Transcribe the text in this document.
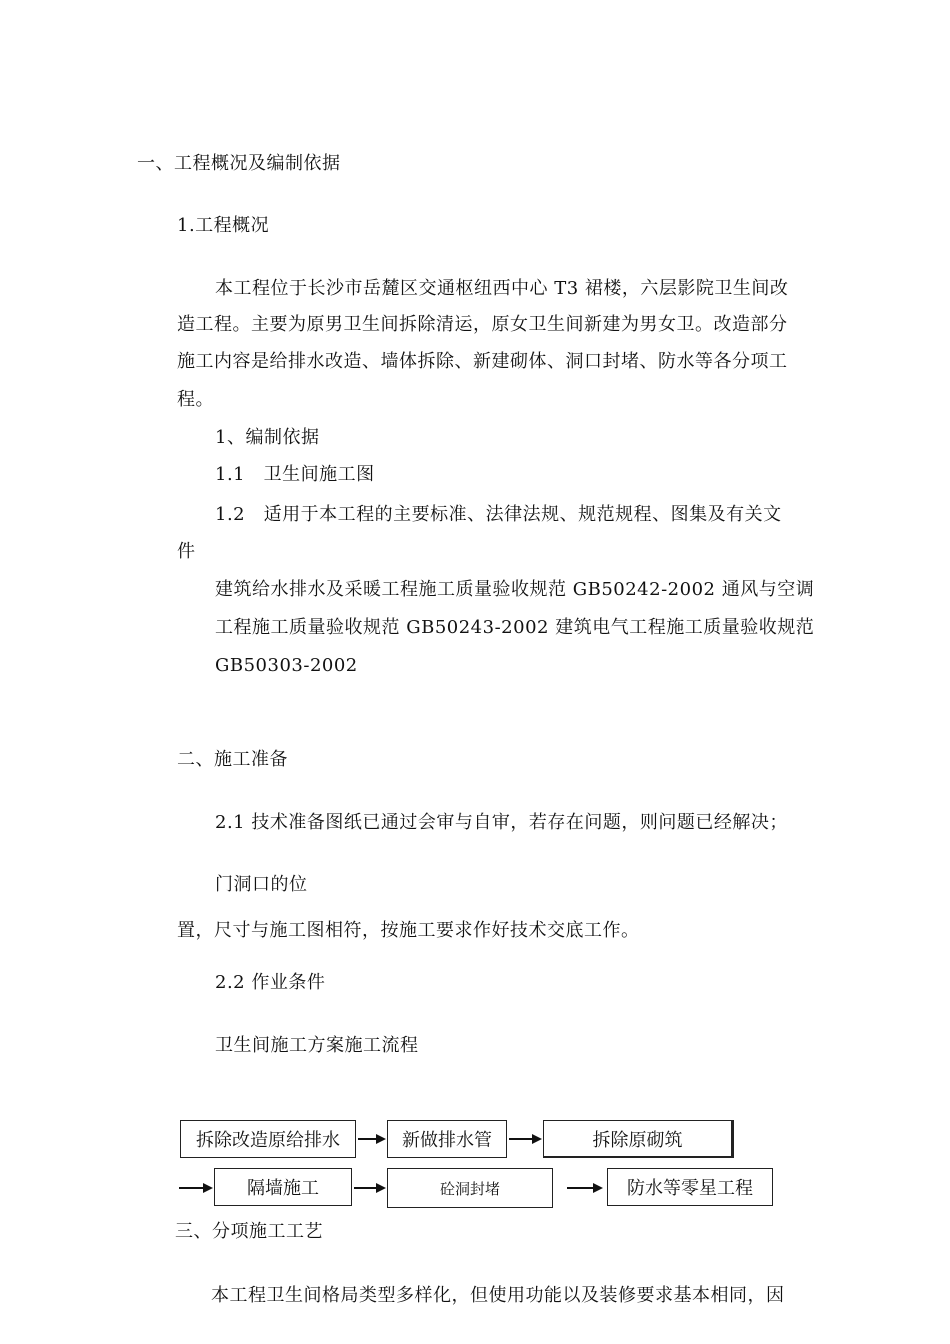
一、工程概况及编制依据
1.工程概况
本工程位于长沙市岳麓区交通枢纽西中心 T3 裙楼，六层影院卫生间改
造工程。主要为原男卫生间拆除清运，原女卫生间新建为男女卫。改造部分
施工内容是给排水改造、墙体拆除、新建砌体、洞口封堵、防水等各分项工
程。
1、编制依据
1.1　卫生间施工图
1.2　适用于本工程的主要标准、法律法规、规范规程、图集及有关文
件
建筑给水排水及采暖工程施工质量验收规范 GB50242-2002 通风与空调
工程施工质量验收规范 GB50243-2002 建筑电气工程施工质量验收规范
GB50303-2002
二、施工准备
2.1 技术准备图纸已通过会审与自审，若存在问题，则问题已经解决；
门洞口的位
置，尺寸与施工图相符，按施工要求作好技术交底工作。
2.2 作业条件
卫生间施工方案施工流程
拆除改造原给排水	新做排水管	拆除原砌筑
隔墙施工	砼洞封堵	防水等零星工程
三、分项施工工艺
本工程卫生间格局类型多样化，但使用功能以及装修要求基本相同，因
